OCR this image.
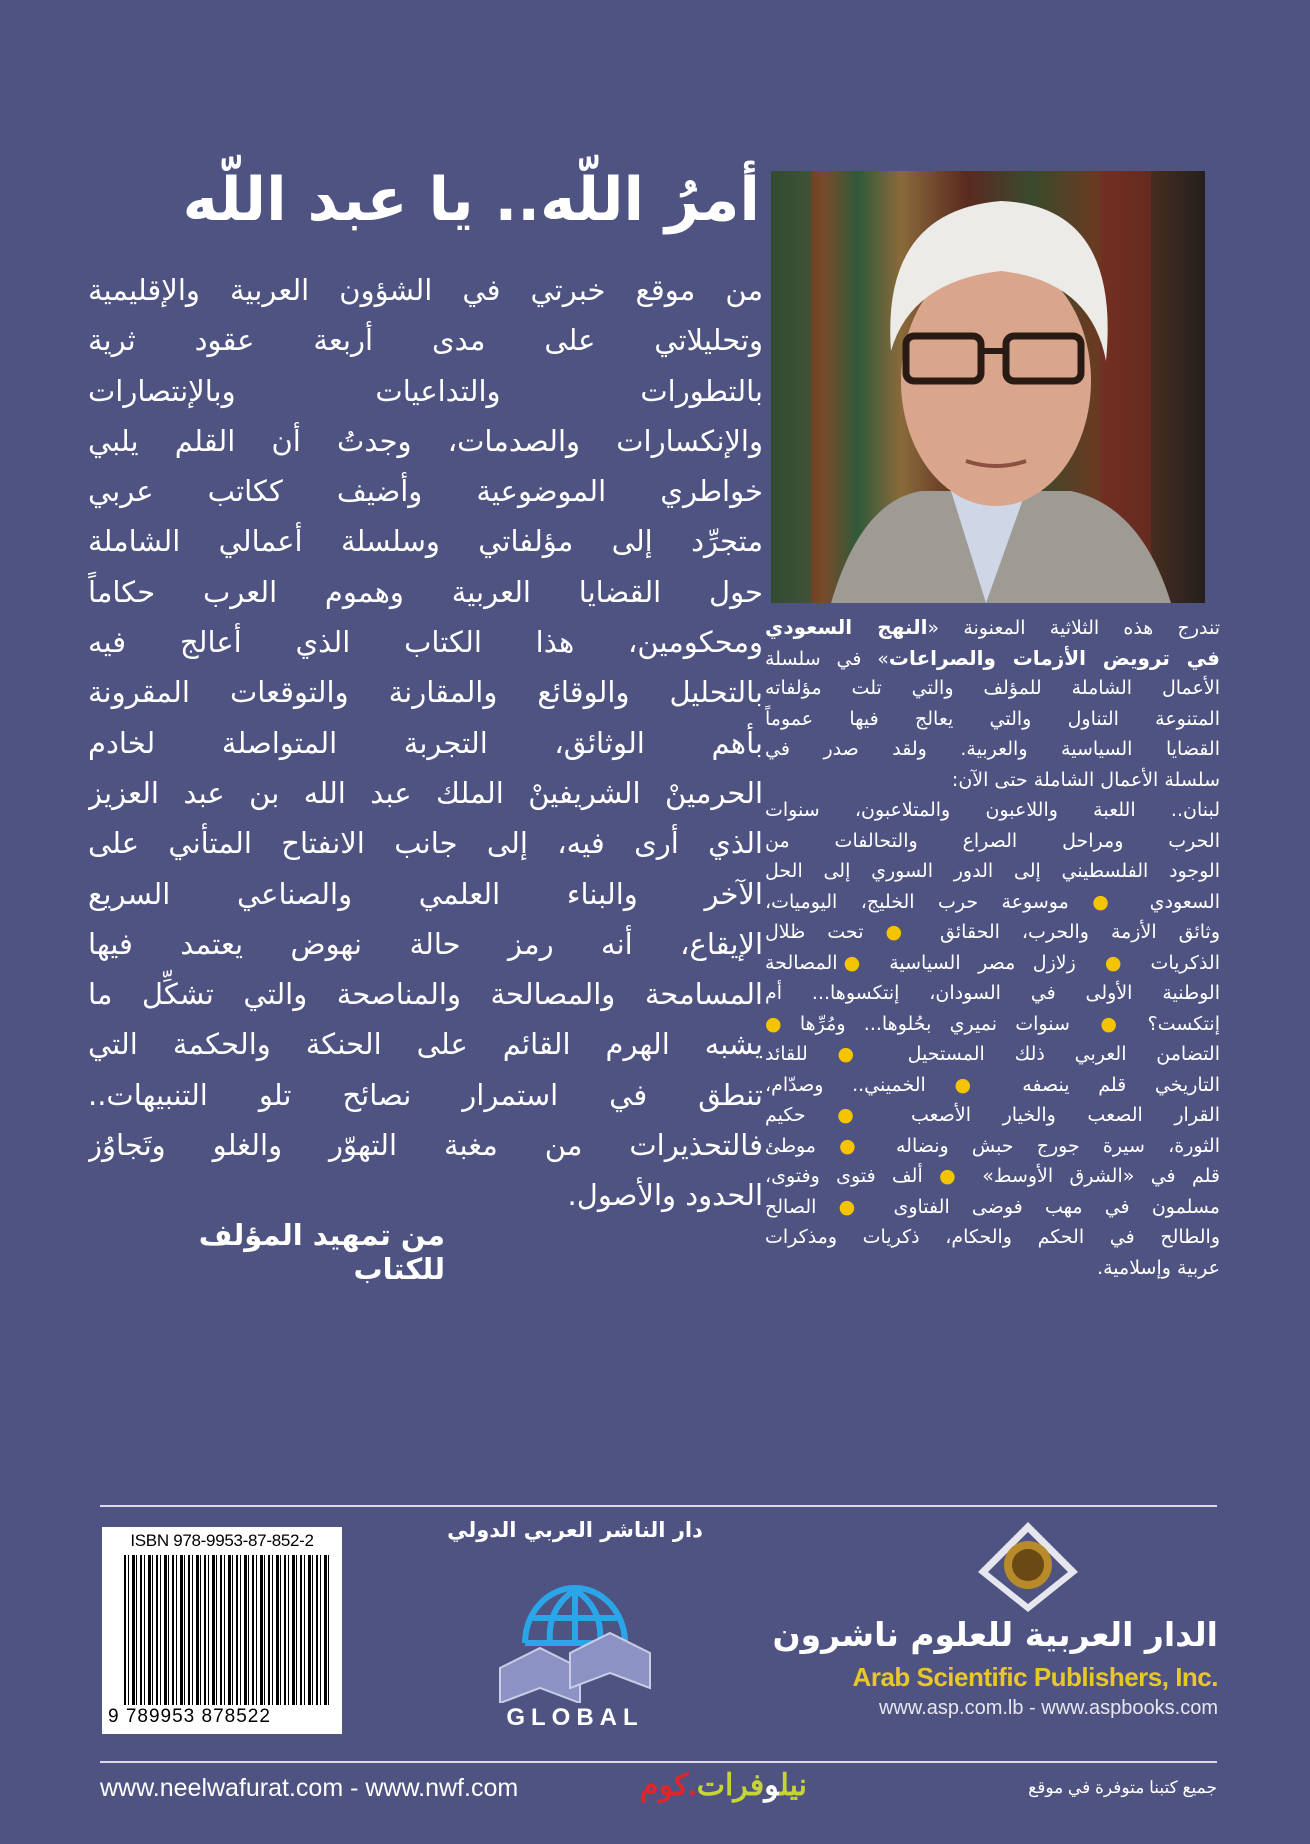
أمرُ اللّه.. يا عبد اللّه
من موقع خبرتي في الشؤون العربية والإقليمية
وتحليلاتي على مدى أربعة عقود ثرية
بالتطورات والتداعيات وبالإنتصارات
والإنكسارات والصدمات، وجدتُ أن القلم يلبي
خواطري الموضوعية وأضيف ككاتب عربي
متجرِّد إلى مؤلفاتي وسلسلة أعمالي الشاملة
حول القضايا العربية وهموم العرب حكاماً
ومحكومين، هذا الكتاب الذي أعالج فيه
بالتحليل والوقائع والمقارنة والتوقعات المقرونة
بأهم الوثائق، التجربة المتواصلة لخادم
الحرمينْ الشريفينْ الملك عبد الله بن عبد العزيز
الذي أرى فيه، إلى جانب الانفتاح المتأني على
الآخر والبناء العلمي والصناعي السريع
الإيقاع، أنه رمز حالة نهوض يعتمد فيها
المسامحة والمصالحة والمناصحة والتي تشكِّل ما
يشبه الهرم القائم على الحنكة والحكمة التي
تنطق في استمرار نصائح تلو التنبيهات..
فالتحذيرات من مغبة التهوّر والغلو وتَجاوُز
الحدود والأصول.
من تمهيد المؤلف للكتاب
تندرج هذه الثلاثية المعنونة «النهج السعودي
في ترويض الأزمات والصراعات» في سلسلة
الأعمال الشاملة للمؤلف والتي تلت مؤلفاته
المتنوعة التناول والتي يعالج فيها عموماً
القضايا السياسية والعربية. ولقد صدر في
سلسلة الأعمال الشاملة حتى الآن:
لبنان.. اللعبة واللاعبون والمتلاعبون، سنوات
الحرب ومراحل الصراع والتحالفات من
الوجود الفلسطيني إلى الدور السوري إلى الحل
السعودي ● موسوعة حرب الخليج، اليوميات،
وثائق الأزمة والحرب، الحقائق ● تحت ظلال
الذكريات ● زلازل مصر السياسية ● المصالحة
الوطنية الأولى في السودان، إنتكسوها... أم
إنتكست؟ ● سنوات نميري بحُلوها... ومُرِّها ●
التضامن العربي ذلك المستحيل ● للقائد
التاريخي قلم ينصفه ● الخميني.. وصدّام،
القرار الصعب والخيار الأصعب ● حكيم
الثورة، سيرة جورج حبش ونضاله ● موطئ
قلم في «الشرق الأوسط» ● ألف فتوى وفتوى،
مسلمون في مهب فوضى الفتاوى ● الصالح
والطالح في الحكم والحكام، ذكريات ومذكرات
عربية وإسلامية.
ISBN 978-9953-87-852-2
9 789953 878522
دار الناشر العربي الدولي
GLOBAL
الدار العربية للعلوم ناشرون
Arab Scientific Publishers, Inc.
www.asp.com.lb - www.aspbooks.com
www.neelwafurat.com - www.nwf.com	نيلوفرات.كوم	جميع كتبنا متوفرة في موقع
